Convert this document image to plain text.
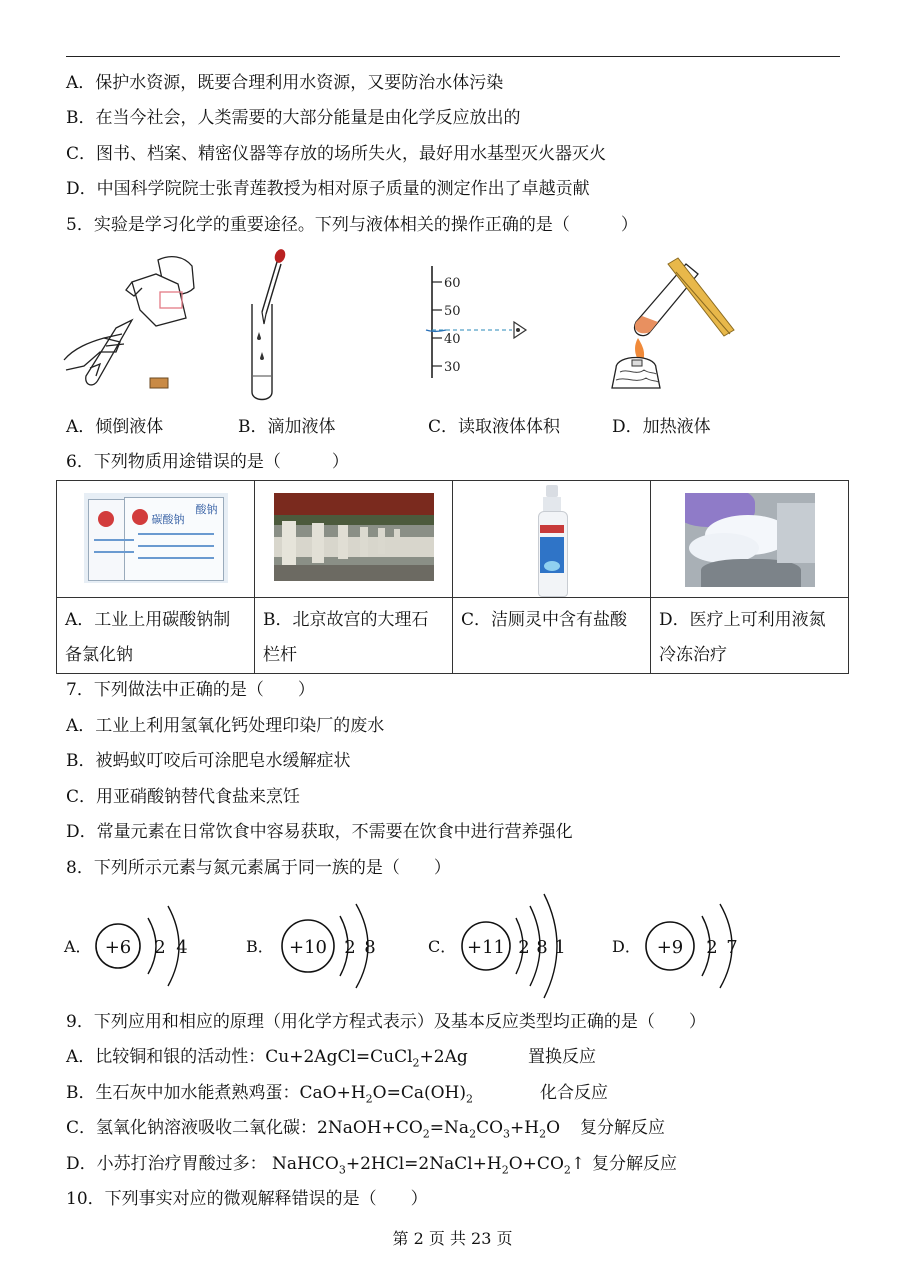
A．保护水资源，既要合理利用水资源，又要防治水体污染
B．在当今社会，人类需要的大部分能量是由化学反应放出的
C．图书、档案、精密仪器等存放的场所失火，最好用水基型灭火器灭火
D．中国科学院院士张青莲教授为相对原子质量的测定作出了卓越贡献
5．实验是学习化学的重要途径。下列与液体相关的操作正确的是（　　　）
60
50
40
30
A．倾倒液体	B．滴加液体	C．读取液体体积	D．加热液体
6．下列物质用途错误的是（　　　）
碳酸钠
酸钠			

A．工业上用碳酸钠制备氯化钠	B．北京故宫的大理石栏杆	C．洁厕灵中含有盐酸	D．医疗上可利用液氮冷冻治疗
7．下列做法中正确的是（　　）
A．工业上利用氢氧化钙处理印染厂的废水
B．被蚂蚁叮咬后可涂肥皂水缓解症状
C．用亚硝酸钠替代食盐来烹饪
D．常量元素在日常饮食中容易获取，不需要在饮食中进行营养强化
8．下列所示元素与氮元素属于同一族的是（　　）
A． +6 2 4	B． +10 2 8	C． +11 2 8 1	D． +9 2 7
9．下列应用和相应的原理（用化学方程式表示）及基本反应类型均正确的是（　　）
A．比较铜和银的活动性：Cu+2AgCl=CuCl$_2$+2Ag	置换反应
B．生石灰中加水能煮熟鸡蛋：$CaO+H_2O=Ca(OH)_2$	化合反应
C．氢氧化钠溶液吸收二氧化碳：$2NaOH+CO_2=Na_2CO_3+H_2O$ 复分解反应
D．小苏打治疗胃酸过多： $NaHCO_3+2HCl=2NaCl+H_2O+CO_2↑$ 复分解反应
10．下列事实对应的微观解释错误的是（　　）
第 2 页 共 23 页
